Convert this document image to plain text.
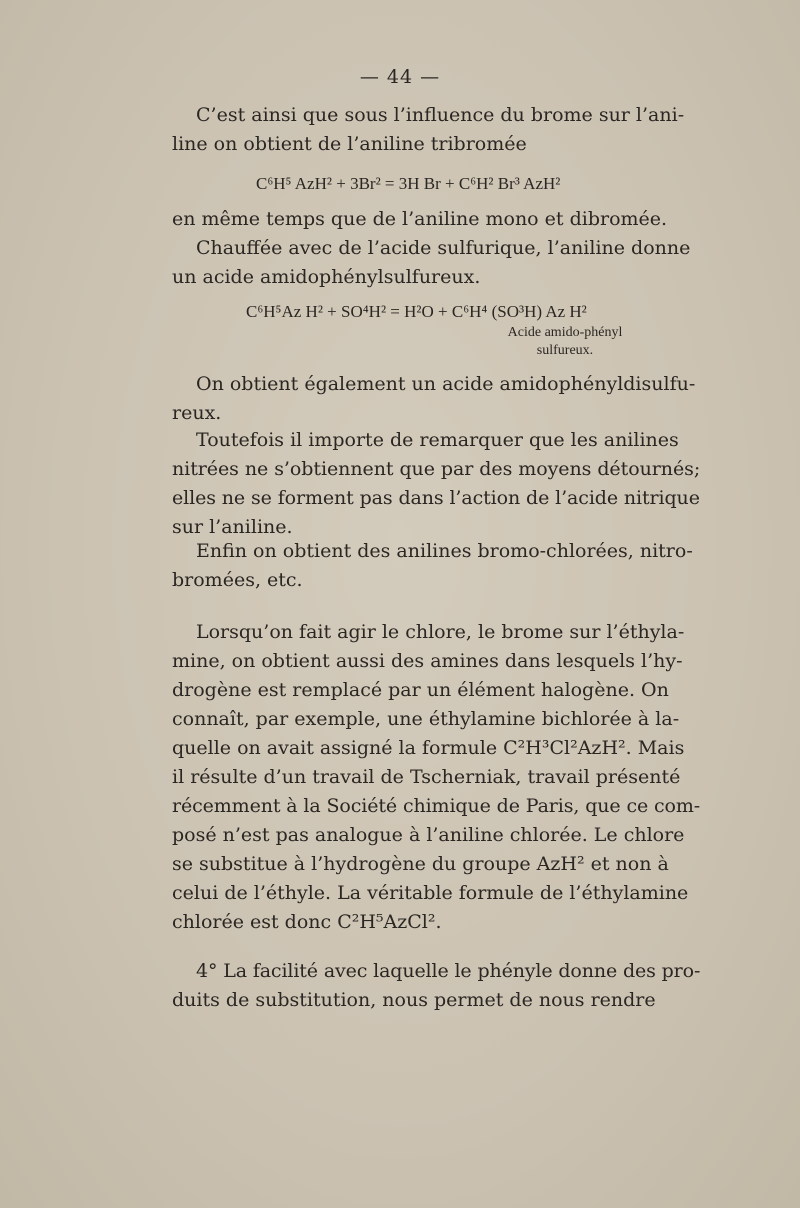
— 44 —
C’est ainsi que sous l’influence du brome sur l’ani-
line on obtient de l’aniline tribromée
C⁶H⁵ AzH² + 3Br² = 3H Br + C⁶H² Br³ AzH²
en même temps que de l’aniline mono et dibromée.
Chauffée avec de l’acide sulfurique, l’aniline donne
un acide amidophénylsulfureux.
C⁶H⁵Az H² + SO⁴H² = H²O + C⁶H⁴ (SO³H) Az H²
Acide amido-phényl
sulfureux.
On obtient également un acide amidophényldisulfu-
reux.
Toutefois il importe de remarquer que les anilines
nitrées ne s’obtiennent que par des moyens détournés;
elles ne se forment pas dans l’action de l’acide nitrique
sur l’aniline.
Enfin on obtient des anilines bromo-chlorées, nitro-
bromées, etc.
Lorsqu’on fait agir le chlore, le brome sur l’éthyla-
mine, on obtient aussi des amines dans lesquels l’hy-
drogène est remplacé par un élément halogène. On
connaît, par exemple, une éthylamine bichlorée à la-
quelle on avait assigné la formule C²H³Cl²AzH². Mais
il résulte d’un travail de Tscherniak, travail présenté
récemment à la Société chimique de Paris, que ce com-
posé n’est pas analogue à l’aniline chlorée. Le chlore
se substitue à l’hydrogène du groupe AzH² et non à
celui de l’éthyle. La véritable formule de l’éthylamine
chlorée est donc C²H⁵AzCl².
4° La facilité avec laquelle le phényle donne des pro-
duits de substitution, nous permet de nous rendre
